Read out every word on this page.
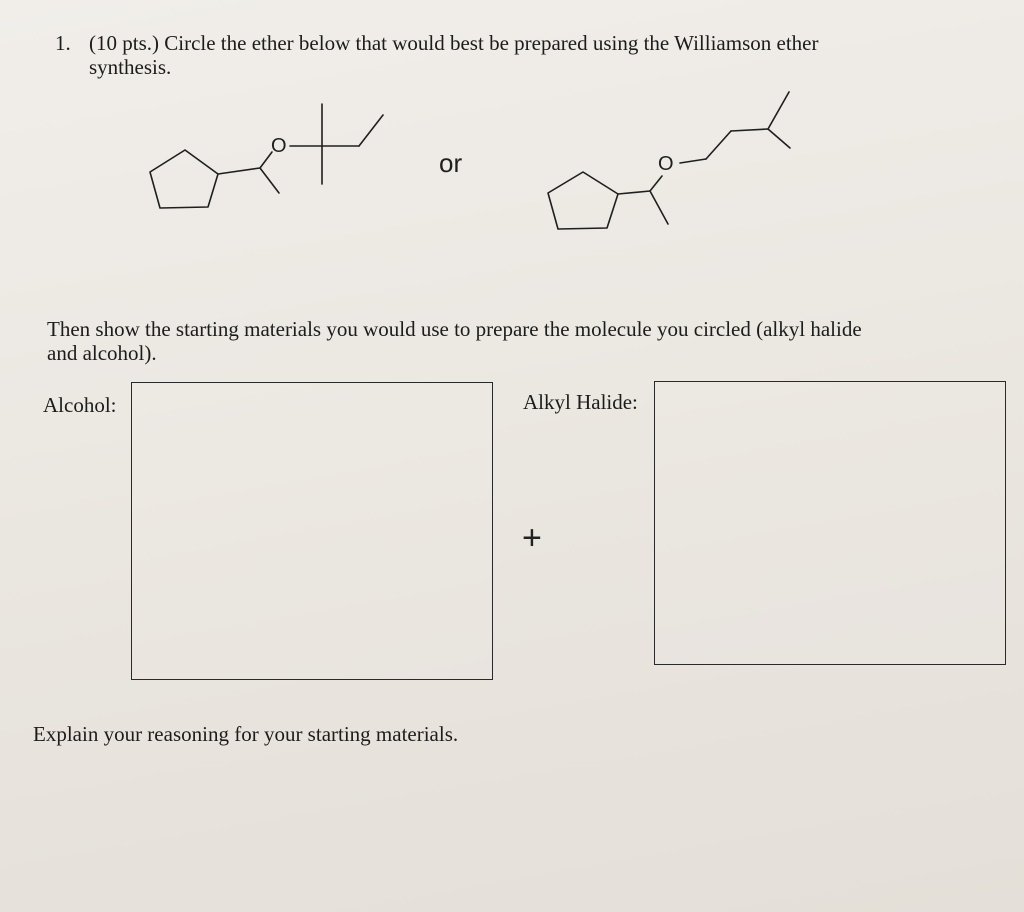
1. (10 pts.) Circle the ether below that would best be prepared using the Williamson ether
synthesis.
O
or	O
Then show the starting materials you would use to prepare the molecule you circled (alkyl halide
and alcohol).
Alcohol:
+
Alkyl Halide:
Explain your reasoning for your starting materials.
